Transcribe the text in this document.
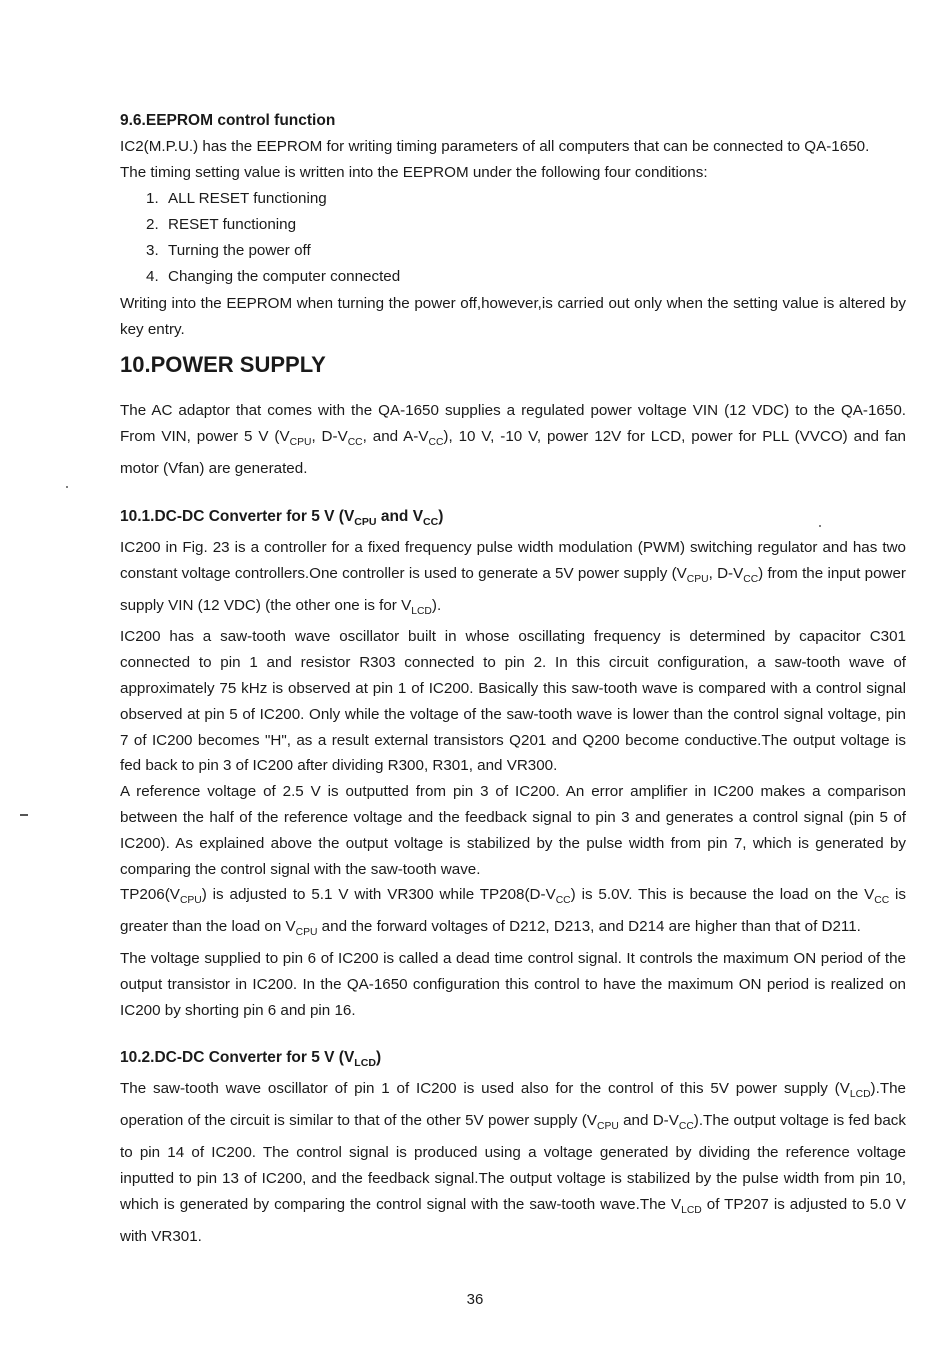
9.6.EEPROM control function

IC2(M.P.U.) has the EEPROM for writing timing parameters of all computers that can be connected to QA-1650.

The timing setting value is written into the EEPROM under the following four conditions:

1. ALL RESET functioning
2. RESET functioning
3. Turning the power off
4. Changing the computer connected

Writing into the EEPROM when turning the power off,however,is carried out only when the setting value is altered by key entry.

10.POWER SUPPLY

The AC adaptor that comes with the QA-1650 supplies a regulated power voltage VIN (12 VDC) to the QA-1650. From VIN, power 5 V ($V_{CPU}$, $D-V_{CC}$, and $A-V_{CC}$), 10 V, -10 V, power 12V for LCD, power for PLL (VVCO) and fan motor (Vfan) are generated.

10.1.DC-DC Converter for 5 V ($V_{CPU}$ and $V_{CC}$)

IC200 in Fig. 23 is a controller for a fixed frequency pulse width modulation (PWM) switching regulator and has two constant voltage controllers.One controller is used to generate a 5V power supply ($V_{CPU}$, $D-V_{CC}$) from the input power supply VIN (12 VDC) (the other one is for $V_{LCD}$).

IC200 has a saw-tooth wave oscillator built in whose oscillating frequency is determined by capacitor C301 connected to pin 1 and resistor R303 connected to pin 2. In this circuit configuration, a saw-tooth wave of approximately 75 kHz is observed at pin 1 of IC200. Basically this saw-tooth wave is compared with a control signal observed at pin 5 of IC200. Only while the voltage of the saw-tooth wave is lower than the control signal voltage, pin 7 of IC200 becomes "H", as a result external transistors Q201 and Q200 become conductive.The output voltage is fed back to pin 3 of IC200 after dividing R300, R301, and VR300.

A reference voltage of 2.5 V is outputted from pin 3 of IC200. An error amplifier in IC200 makes a comparison between the half of the reference voltage and the feedback signal to pin 3 and generates a control signal (pin 5 of IC200). As explained above the output voltage is stabilized by the pulse width from pin 7, which is generated by comparing the control signal with the saw-tooth wave.

$TP206(V_{CPU})$ is adjusted to 5.1 V with VR300 while $TP208(D-V_{CC})$ is 5.0V. This is because the load on the $V_{CC}$ is greater than the load on $V_{CPU}$ and the forward voltages of D212, D213, and D214 are higher than that of D211.

The voltage supplied to pin 6 of IC200 is called a dead time control signal. It controls the maximum ON period of the output transistor in IC200. In the QA-1650 configuration this control to have the maximum ON period is realized on IC200 by shorting pin 6 and pin 16.

10.2.DC-DC Converter for 5 V $(V_{LCD})$

The saw-tooth wave oscillator of pin 1 of IC200 is used also for the control of this 5V power supply $(V_{LCD}).The$ operation of the circuit is similar to that of the other 5V power supply ($V_{CPU}$ and $D-V_{CC}).The$ output voltage is fed back to pin 14 of IC200. The control signal is produced using a voltage generated by dividing the reference voltage inputted to pin 13 of IC200, and the feedback signal.The output voltage is stabilized by the pulse width from pin 10, which is generated by comparing the control signal with the saw-tooth wave.The $V_{LCD}$ of TP207 is adjusted to 5.0 V with VR301.

36
